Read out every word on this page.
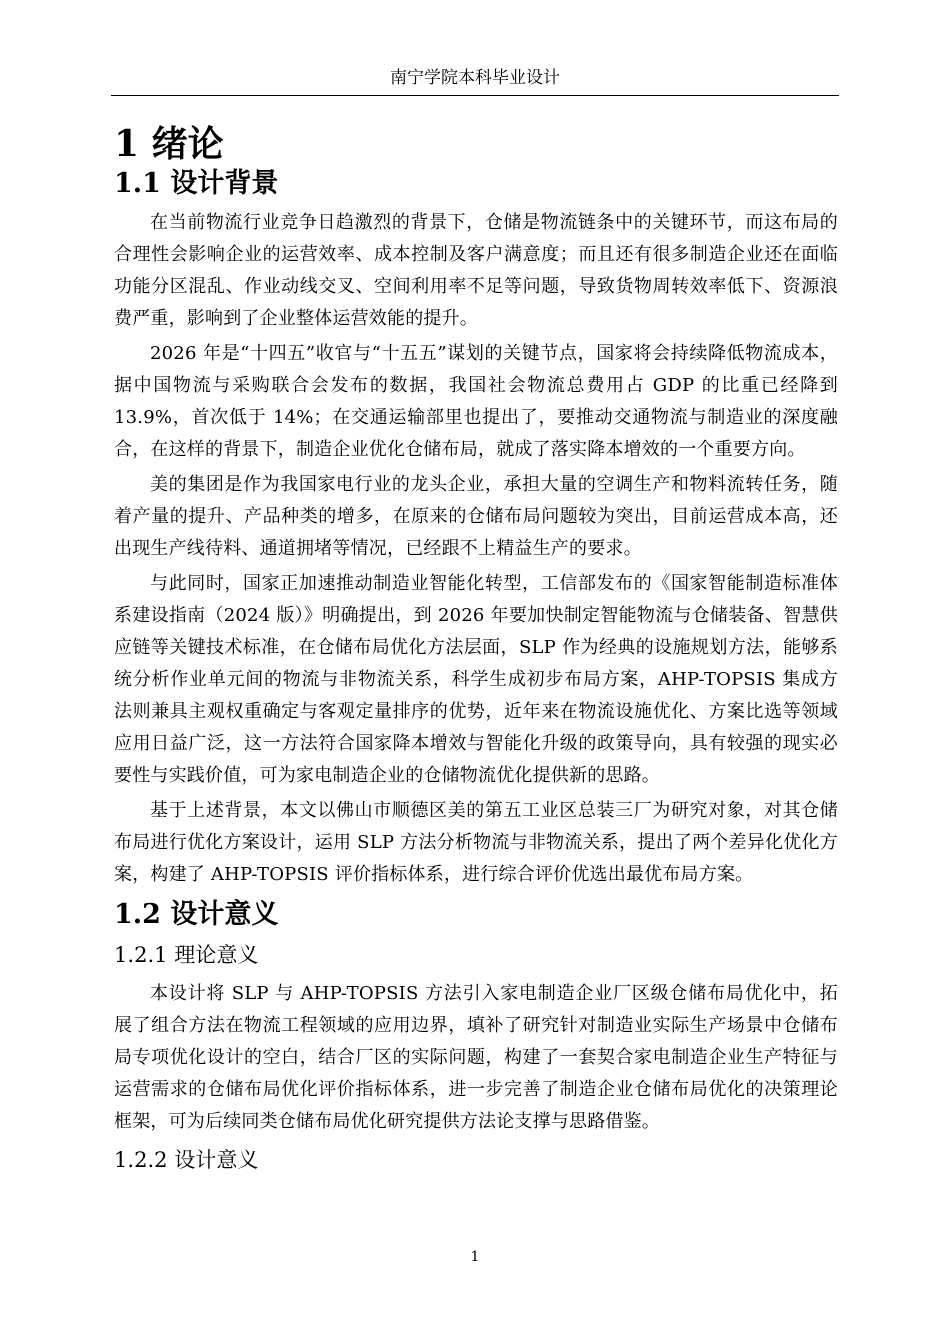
南宁学院本科毕业设计
1 绪论
1.1 设计背景

在当前物流行业竞争日趋激烈的背景下，仓储是物流链条中的关键环节，而这布局的合理性会影响企业的运营效率、成本控制及客户满意度；而且还有很多制造企业还在面临功能分区混乱、作业动线交叉、空间利用率不足等问题，导致货物周转效率低下、资源浪费严重，影响到了企业整体运营效能的提升。

2026 年是“十四五”收官与“十五五”谋划的关键节点，国家将会持续降低物流成本，据中国物流与采购联合会发布的数据，我国社会物流总费用占 GDP 的比重已经降到 13.9%，首次低于 14%；在交通运输部里也提出了，要推动交通物流与制造业的深度融合，在这样的背景下，制造企业优化仓储布局，就成了落实降本增效的一个重要方向。

美的集团是作为我国家电行业的龙头企业，承担大量的空调生产和物料流转任务，随着产量的提升、产品种类的增多，在原来的仓储布局问题较为突出，目前运营成本高，还出现生产线待料、通道拥堵等情况，已经跟不上精益生产的要求。

与此同时，国家正加速推动制造业智能化转型，工信部发布的《国家智能制造标准体系建设指南（2024 版）》明确提出，到 2026 年要加快制定智能物流与仓储装备、智慧供应链等关键技术标准，在仓储布局优化方法层面，SLP 作为经典的设施规划方法，能够系统分析作业单元间的物流与非物流关系，科学生成初步布局方案，AHP-TOPSIS 集成方法则兼具主观权重确定与客观定量排序的优势，近年来在物流设施优化、方案比选等领域应用日益广泛，这一方法符合国家降本增效与智能化升级的政策导向，具有较强的现实必要性与实践价值，可为家电制造企业的仓储物流优化提供新的思路。

基于上述背景，本文以佛山市顺德区美的第五工业区总装三厂为研究对象，对其仓储布局进行优化方案设计，运用 SLP 方法分析物流与非物流关系，提出了两个差异化优化方案，构建了 AHP-TOPSIS 评价指标体系，进行综合评价优选出最优布局方案。

1.2 设计意义
1.2.1 理论意义

本设计将 SLP 与 AHP-TOPSIS 方法引入家电制造企业厂区级仓储布局优化中，拓展了组合方法在物流工程领域的应用边界，填补了研究针对制造业实际生产场景中仓储布局专项优化设计的空白，结合厂区的实际问题，构建了一套契合家电制造企业生产特征与运营需求的仓储布局优化评价指标体系，进一步完善了制造企业仓储布局优化的决策理论框架，可为后续同类仓储布局优化研究提供方法论支撑与思路借鉴。

1.2.2 设计意义
1
